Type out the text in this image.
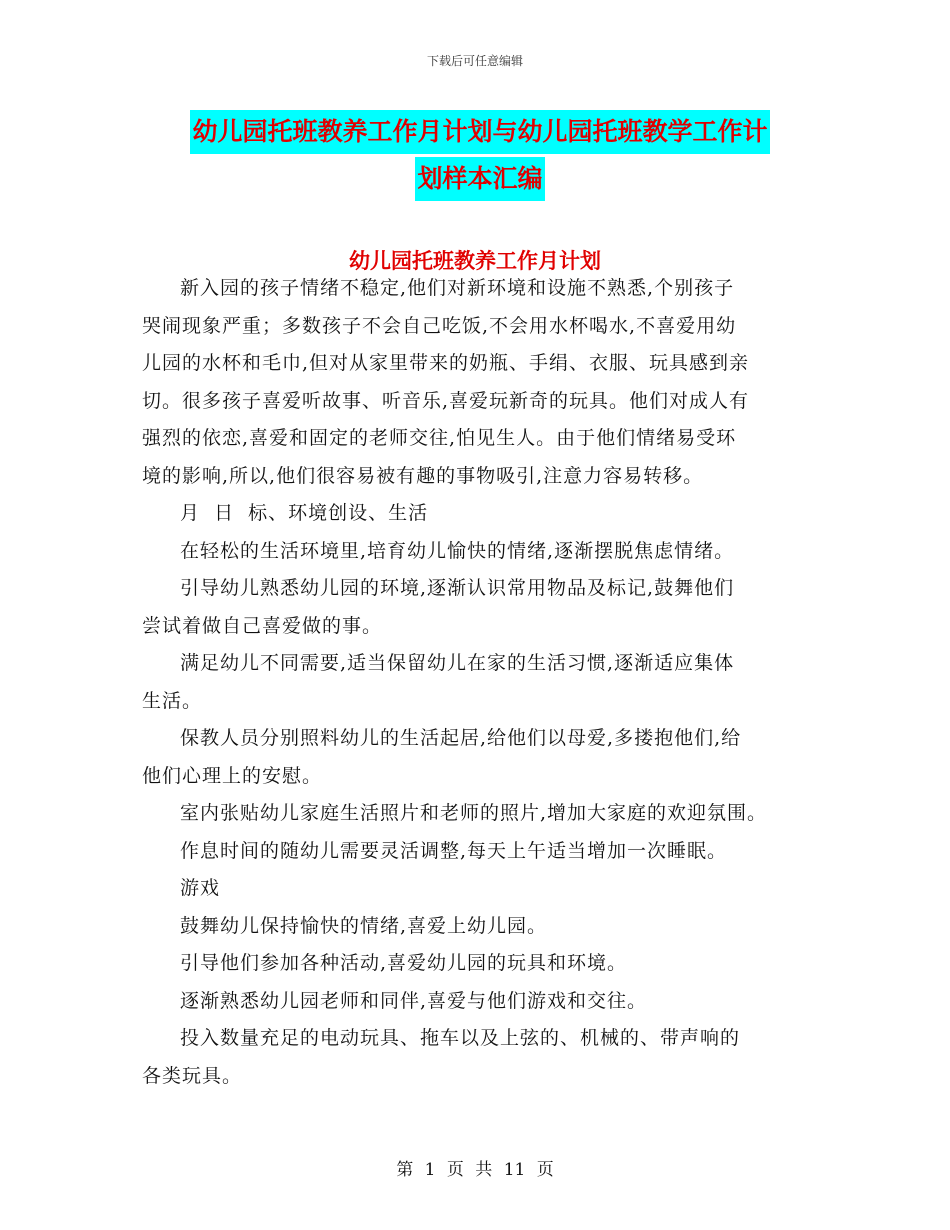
下载后可任意编辑
幼儿园托班教养工作月计划与幼儿园托班教学工作计
划样本汇编
幼儿园托班教养工作月计划

新入园的孩子情绪不稳定,他们对新环境和设施不熟悉,个别孩子

哭闹现象严重；多数孩子不会自己吃饭,不会用水杯喝水,不喜爱用幼

儿园的水杯和毛巾,但对从家里带来的奶瓶、手绢、衣服、玩具感到亲

切。很多孩子喜爱听故事、听音乐,喜爱玩新奇的玩具。他们对成人有

强烈的依恋,喜爱和固定的老师交往,怕见生人。由于他们情绪易受环

境的影响,所以,他们很容易被有趣的事物吸引,注意力容易转移。

月  日  标、环境创设、生活

在轻松的生活环境里,培育幼儿愉快的情绪,逐渐摆脱焦虑情绪。

引导幼儿熟悉幼儿园的环境,逐渐认识常用物品及标记,鼓舞他们

尝试着做自己喜爱做的事。

满足幼儿不同需要,适当保留幼儿在家的生活习惯,逐渐适应集体

生活。

保教人员分别照料幼儿的生活起居,给他们以母爱,多搂抱他们,给

他们心理上的安慰。

室内张贴幼儿家庭生活照片和老师的照片,增加大家庭的欢迎氛围。

作息时间的随幼儿需要灵活调整,每天上午适当增加一次睡眠。

游戏

鼓舞幼儿保持愉快的情绪,喜爱上幼儿园。

引导他们参加各种活动,喜爱幼儿园的玩具和环境。

逐渐熟悉幼儿园老师和同伴,喜爱与他们游戏和交往。

投入数量充足的电动玩具、拖车以及上弦的、机械的、带声响的

各类玩具。

第 1 页 共 11 页
